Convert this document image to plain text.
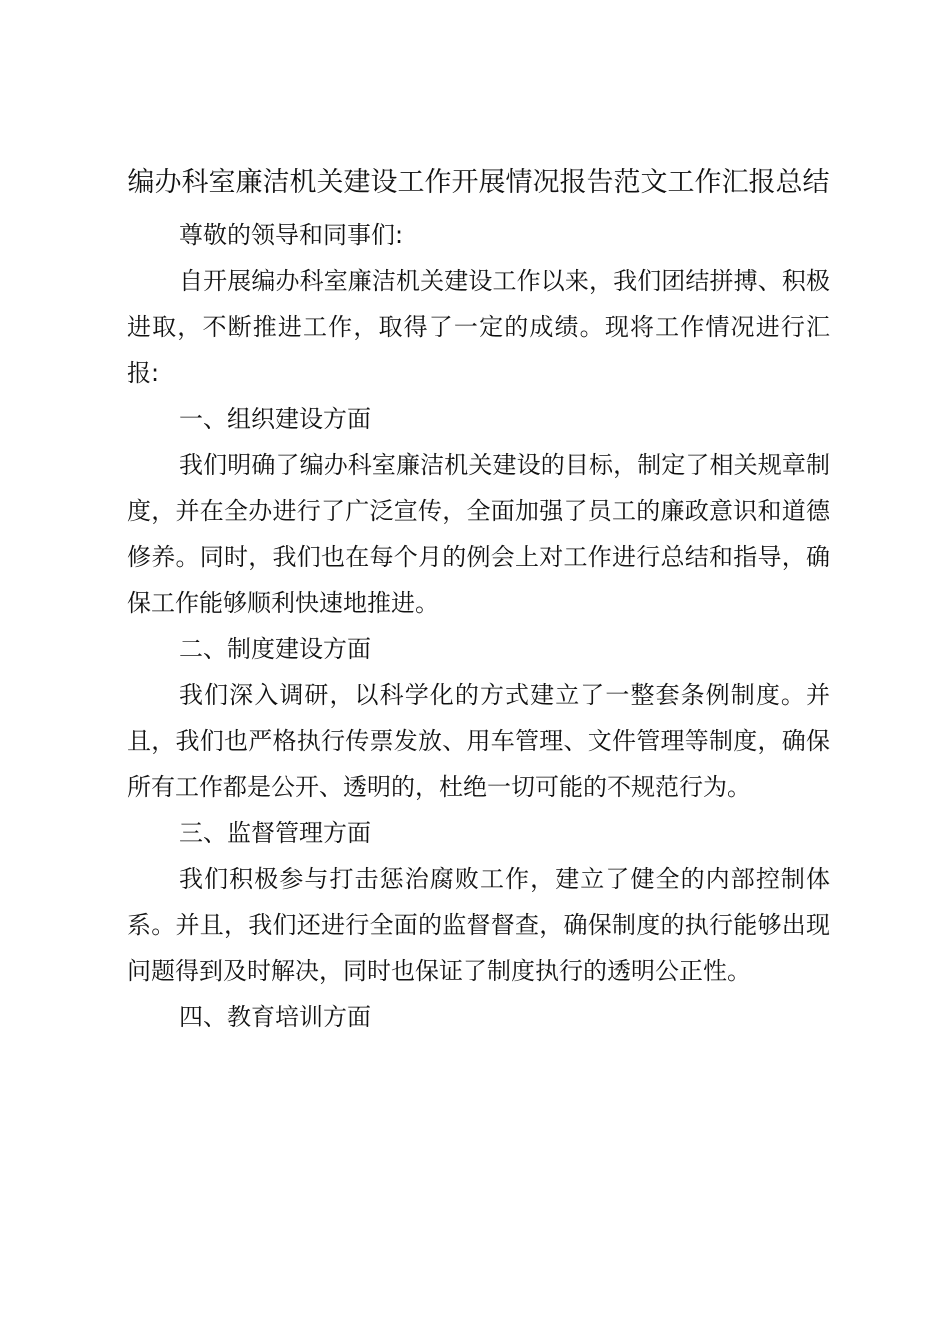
编办科室廉洁机关建设工作开展情况报告范文工作汇报总结

尊敬的领导和同事们:

自开展编办科室廉洁机关建设工作以来，我们团结拼搏、积极进取，不断推进工作，取得了一定的成绩。现将工作情况进行汇报:

一、组织建设方面

我们明确了编办科室廉洁机关建设的目标，制定了相关规章制度，并在全办进行了广泛宣传，全面加强了员工的廉政意识和道德修养。同时，我们也在每个月的例会上对工作进行总结和指导，确保工作能够顺利快速地推进。

二、制度建设方面

我们深入调研，以科学化的方式建立了一整套条例制度。并且，我们也严格执行传票发放、用车管理、文件管理等制度，确保所有工作都是公开、透明的，杜绝一切可能的不规范行为。

三、监督管理方面

我们积极参与打击惩治腐败工作，建立了健全的内部控制体系。并且，我们还进行全面的监督督查，确保制度的执行能够出现问题得到及时解决，同时也保证了制度执行的透明公正性。

四、教育培训方面
